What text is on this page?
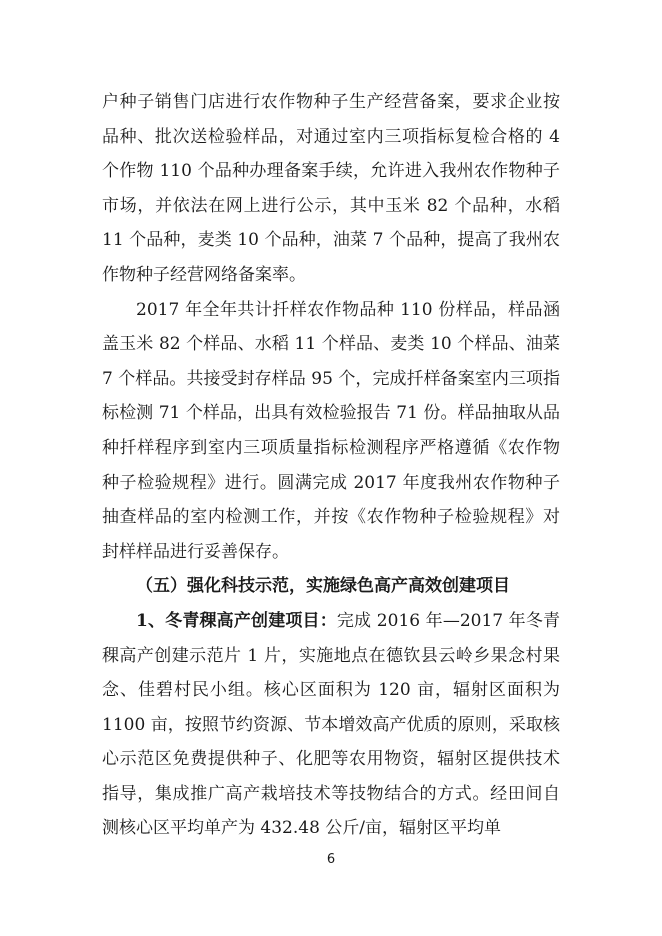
户种子销售门店进行农作物种子生产经营备案，要求企业按品种、批次送检验样品，对通过室内三项指标复检合格的 4 个作物 110 个品种办理备案手续，允许进入我州农作物种子市场，并依法在网上进行公示，其中玉米 82 个品种，水稻 11 个品种，麦类 10 个品种，油菜 7 个品种，提高了我州农作物种子经营网络备案率。

2017 年全年共计扦样农作物品种 110 份样品，样品涵盖玉米 82 个样品、水稻 11 个样品、麦类 10 个样品、油菜 7 个样品。共接受封存样品 95 个，完成扦样备案室内三项指标检测 71 个样品，出具有效检验报告 71 份。样品抽取从品种扦样程序到室内三项质量指标检测程序严格遵循《农作物种子检验规程》进行。圆满完成 2017 年度我州农作物种子抽查样品的室内检测工作，并按《农作物种子检验规程》对封样样品进行妥善保存。

（五）强化科技示范，实施绿色高产高效创建项目

1、冬青稞高产创建项目：完成 2016 年—2017 年冬青稞高产创建示范片 1 片，实施地点在德钦县云岭乡果念村果念、佳碧村民小组。核心区面积为 120 亩，辐射区面积为 1100 亩，按照节约资源、节本增效高产优质的原则，采取核心示范区免费提供种子、化肥等农用物资，辐射区提供技术指导，集成推广高产栽培技术等技物结合的方式。经田间自测核心区平均单产为 432.48 公斤/亩，辐射区平均单

6
